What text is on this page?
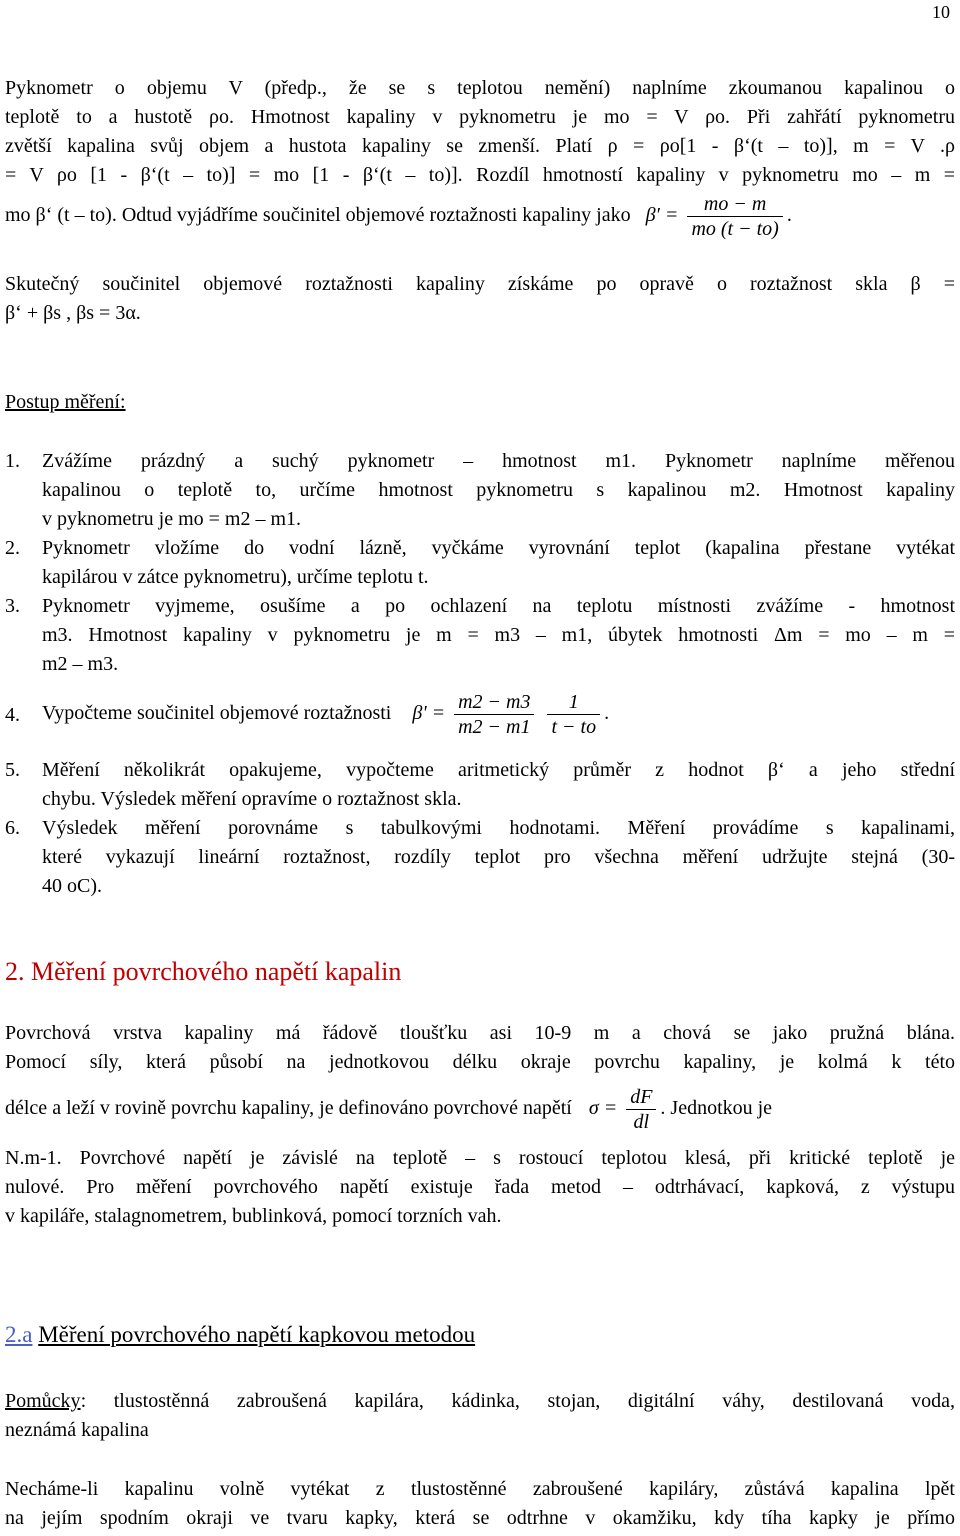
10
Pyknometr o objemu V (předp., že se s teplotou nemění) naplníme zkoumanou kapalinou o
teplotě to a hustotě ρo. Hmotnost kapaliny v pyknometru je mo = V ρo. Při zahřátí pyknometru
zvětší kapalina svůj objem a hustota kapaliny se zmenší. Platí ρ = ρo[1 - β‘(t – to)], m = V .ρ
= V ρo [1 - β‘(t – to)] = mo [1 - β‘(t – to)]. Rozdíl hmotností kapaliny v pyknometru mo – m =
mo β‘ (t – to). Odtud vyjádříme součinitel objemové roztažnosti kapaliny jako $\beta' = \frac{mo - m}{mo (t - to)}$ .
Skutečný součinitel objemové roztažnosti kapaliny získáme po opravě o roztažnost skla β =
β‘ + βs , βs = 3α.
Postup měření:
1. Zvážíme prázdný a suchý pyknometr – hmotnost m1. Pyknometr naplníme měřenou
kapalinou o teplotě to, určíme hmotnost pyknometru s kapalinou m2. Hmotnost kapaliny
v pyknometru je mo = m2 – m1.
2. Pyknometr vložíme do vodní lázně, vyčkáme vyrovnání teplot (kapalina přestane vytékat
kapilárou v zátce pyknometru), určíme teplotu t.
3. Pyknometr vyjmeme, osušíme a po ochlazení na teplotu místnosti zvážíme - hmotnost
m3. Hmotnost kapaliny v pyknometru je m = m3 – m1, úbytek hmotnosti Δm = mo – m =
m2 – m3.
4. Vypočteme součinitel objemové roztažnosti $\beta' = \frac{m2 - m3}{m2 - m1}$
$\frac{1}{t - to}$ .
5. Měření několikrát opakujeme, vypočteme aritmetický průměr z hodnot β‘ a jeho střední
chybu. Výsledek měření opravíme o roztažnost skla.
6. Výsledek měření porovnáme s tabulkovými hodnotami. Měření provádíme s kapalinami,
které vykazují lineární roztažnost, rozdíly teplot pro všechna měření udržujte stejná (30-
40 oC).
2. Měření povrchového napětí kapalin
Povrchová vrstva kapaliny má řádově tloušťku asi 10-9 m a chová se jako pružná blána.
Pomocí síly, která působí na jednotkovou délku okraje povrchu kapaliny, je kolmá k této
délce a leží v rovině povrchu kapaliny, je definováno povrchové napětí $\sigma = \frac{dF}{dl}$ . Jednotkou je
N.m-1. Povrchové napětí je závislé na teplotě – s rostoucí teplotou klesá, při kritické teplotě je
nulové. Pro měření povrchového napětí existuje řada metod – odtrhávací, kapková, z výstupu
v kapiláře, stalagnometrem, bublinková, pomocí torzních vah.
2.a Měření povrchového napětí kapkovou metodou
Pomůcky: tlustostěnná zabroušená kapilára, kádinka, stojan, digitální váhy, destilovaná voda,
neznámá kapalina
Necháme-li kapalinu volně vytékat z tlustostěnné zabroušené kapiláry, zůstává kapalina lpět
na jejím spodním okraji ve tvaru kapky, která se odtrhne v okamžiku, kdy tíha kapky je přímo
